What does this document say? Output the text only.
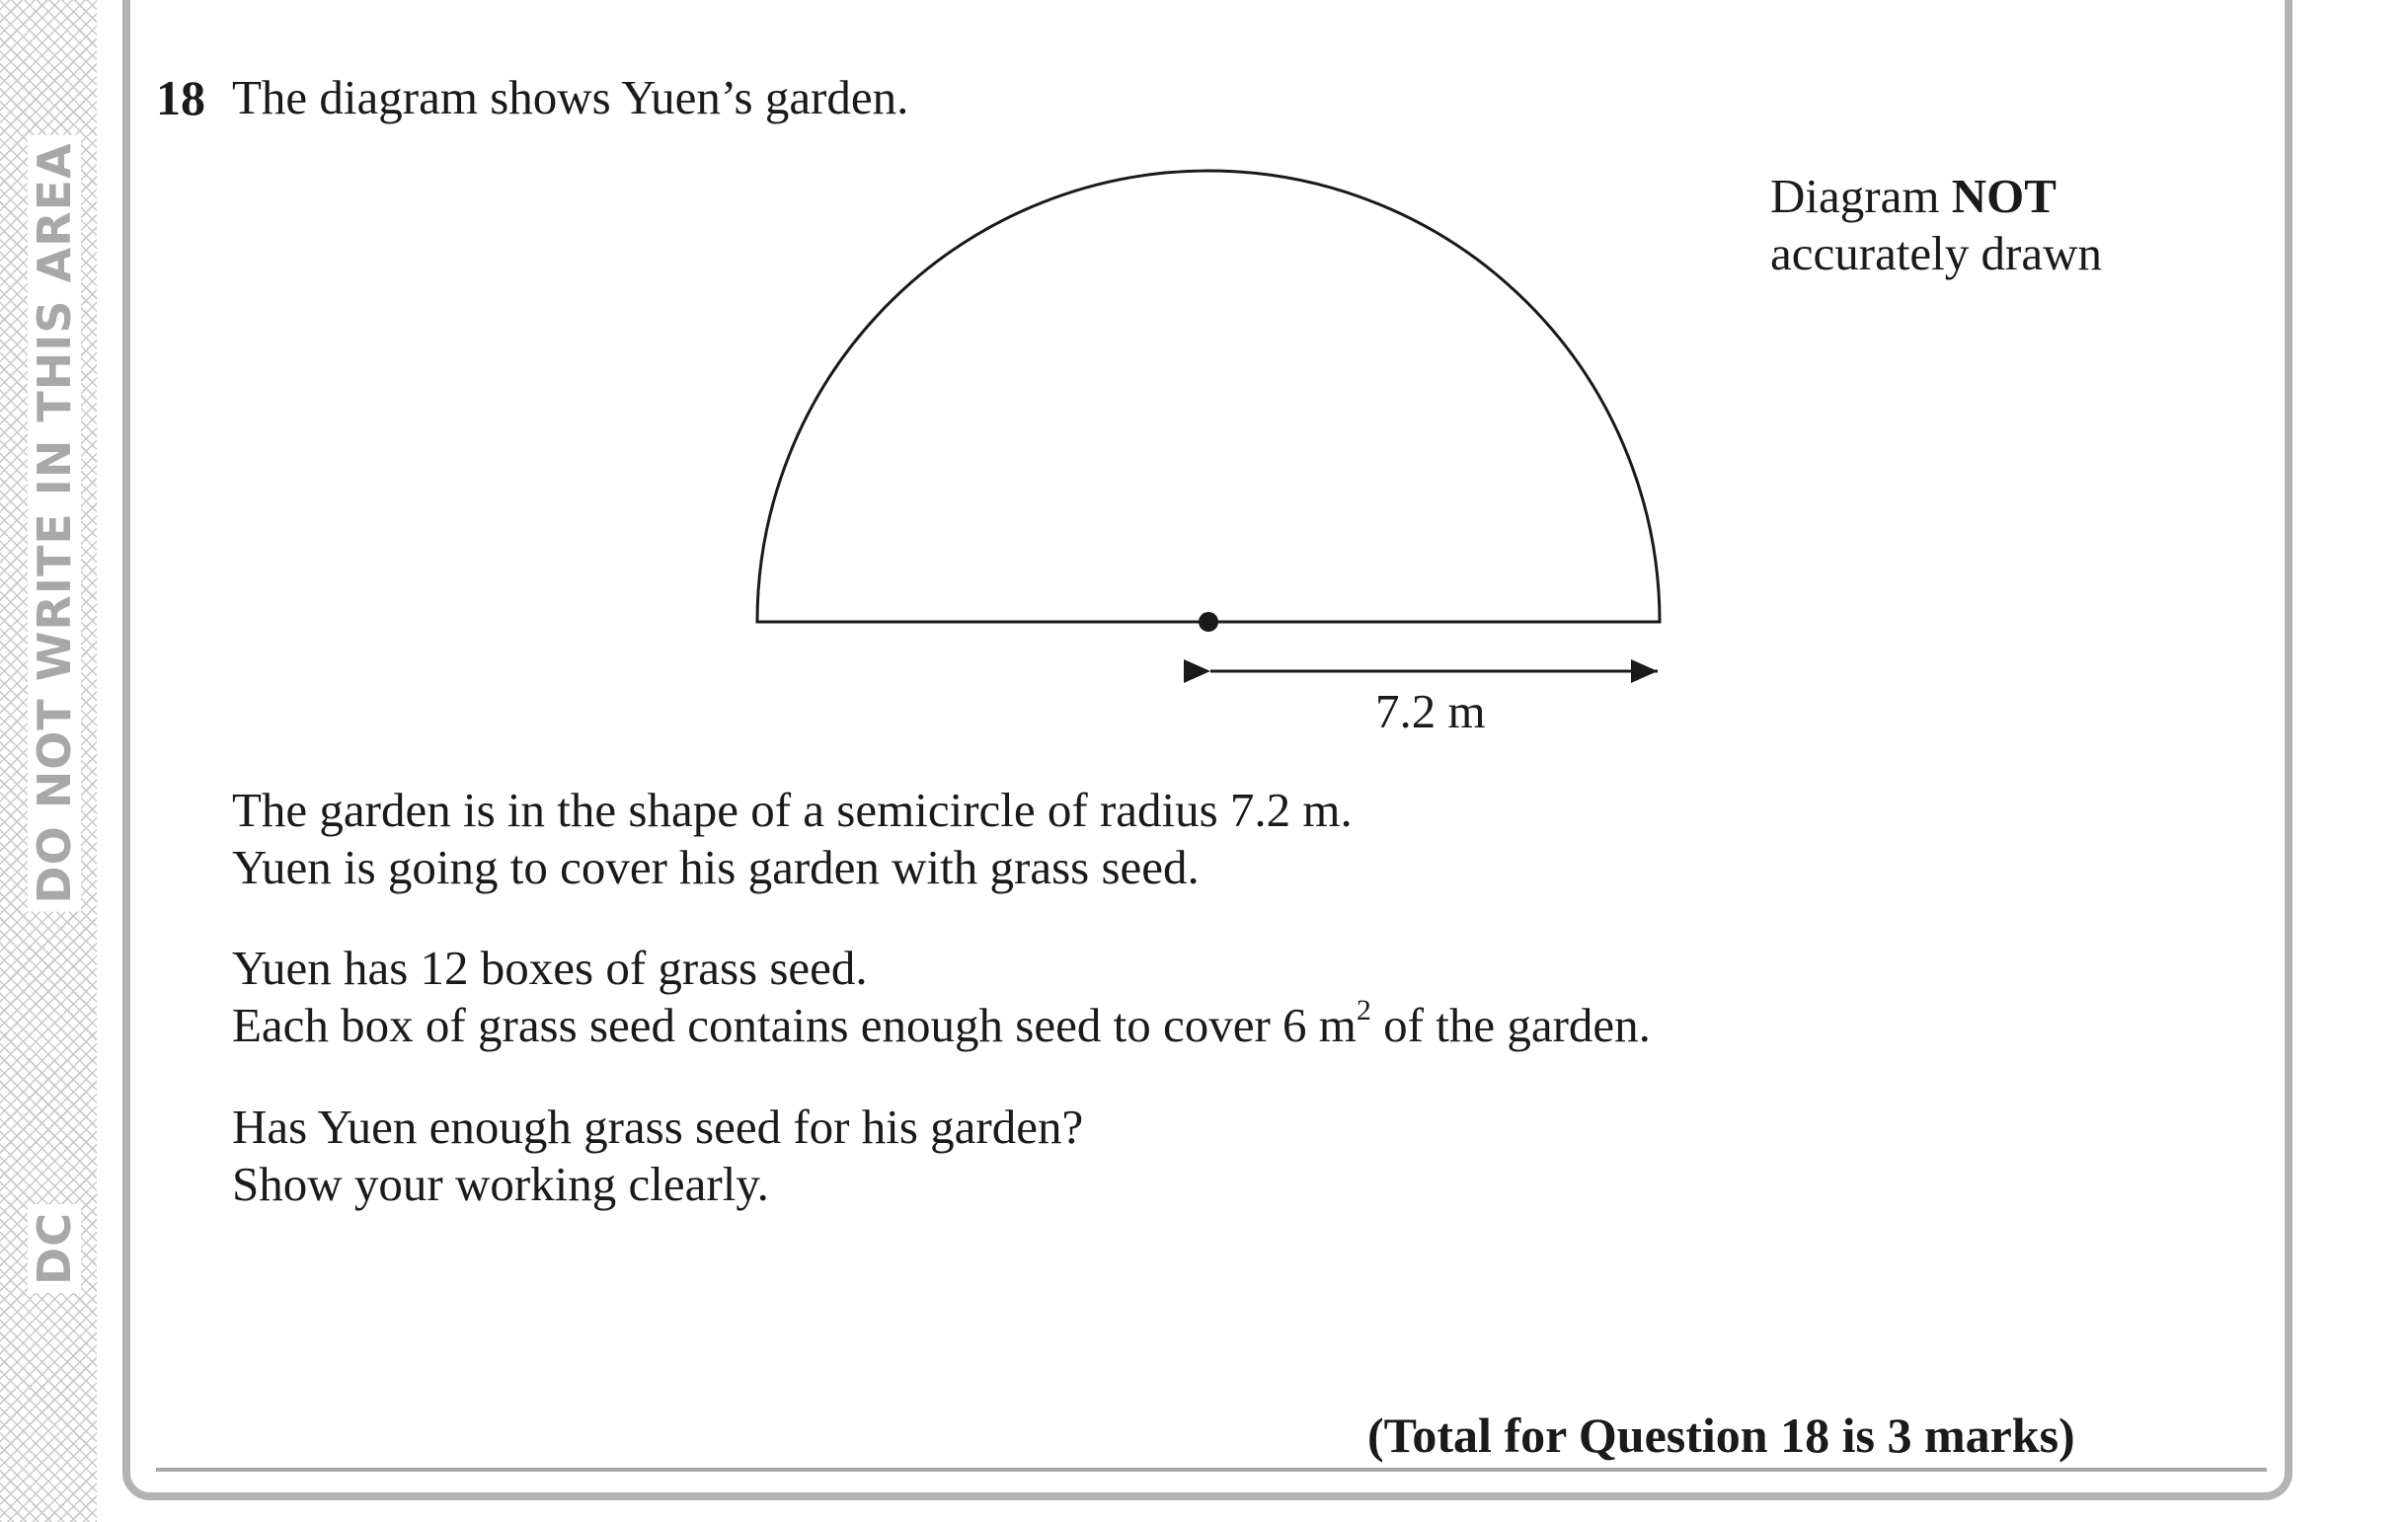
DO NOT WRITE IN THIS AREA
DC
18 The diagram shows Yuen’s garden.
Diagram NOT
accurately drawn
7.2 m
The garden is in the shape of a semicircle of radius 7.2 m.
Yuen is going to cover his garden with grass seed.
Yuen has 12 boxes of grass seed.
Each box of grass seed contains enough seed to cover 6 $m^2$ of the garden.
Has Yuen enough grass seed for his garden?
Show your working clearly.
(Total for Question 18 is 3 marks)
